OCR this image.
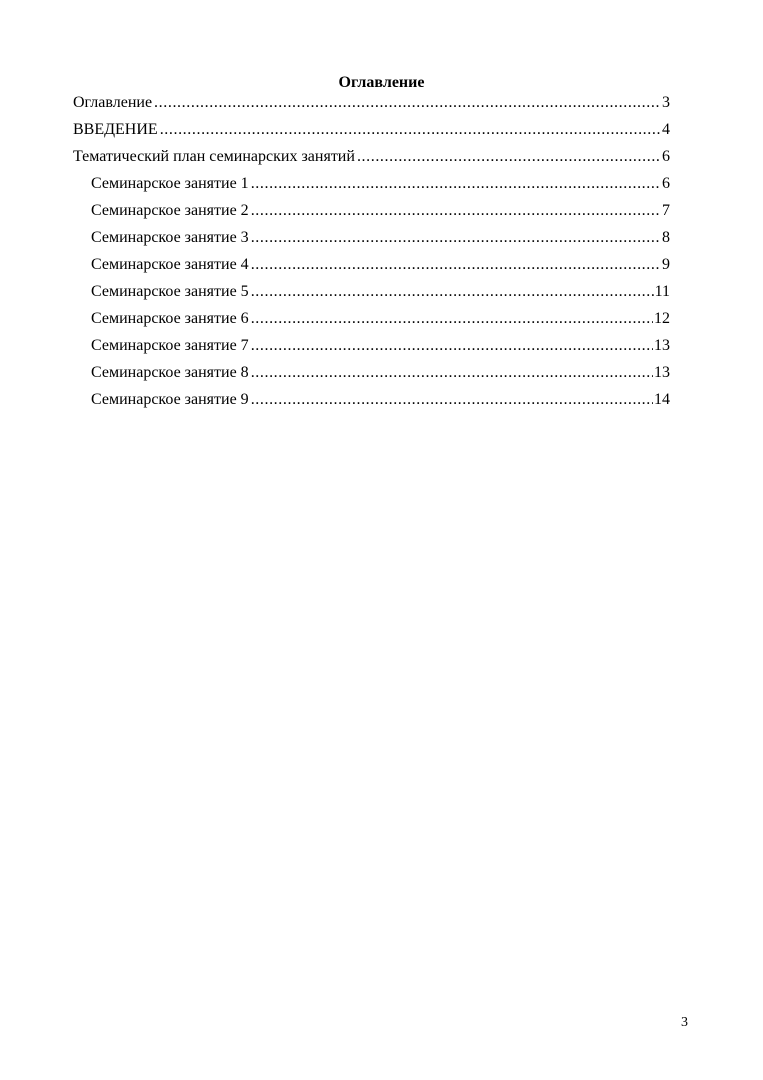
Оглавление
Оглавление .....	3
ВВЕДЕНИЕ .....	4
Тематический план семинарских занятий .....	6
Семинарское занятие 1 .....	6
Семинарское занятие 2 .....	7
Семинарское занятие 3 .....	8
Семинарское занятие 4 .....	9
Семинарское занятие 5 .....	11
Семинарское занятие 6 .....	12
Семинарское занятие 7 .....	13
Семинарское занятие 8 .....	13
Семинарское занятие 9 .....	14
3
